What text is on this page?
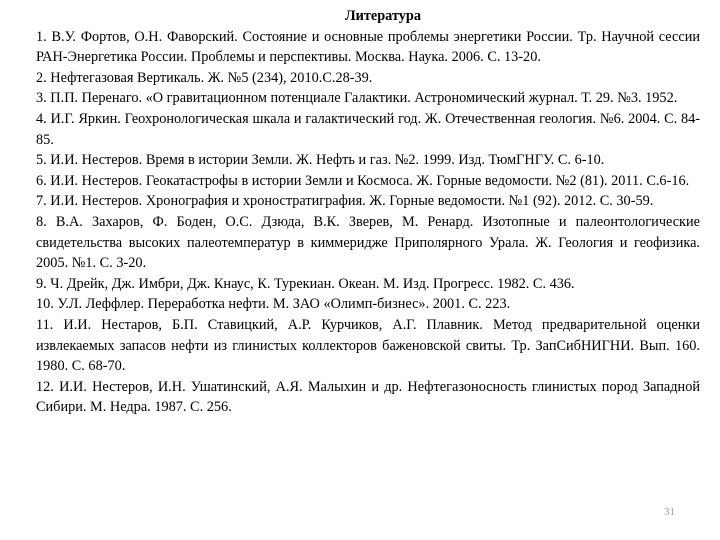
Литература

1. В.У. Фортов, О.Н. Фаворский. Состояние и основные проблемы энергетики России. Тр. Научной сессии РАН-Энергетика России. Проблемы и перспективы. Москва. Наука. 2006. С. 13-20.
2. Нефтегазовая Вертикаль. Ж. №5 (234), 2010.С.28-39.
3. П.П. Перенаго. «О гравитационном потенциале Галактики. Астрономический журнал. Т. 29. №3. 1952.
4. И.Г. Яркин. Геохронологическая шкала и галактический год. Ж. Отечественная геология. №6. 2004. С. 84-85.
5. И.И. Нестеров. Время в истории Земли. Ж. Нефть и газ. №2. 1999. Изд. ТюмГНГУ. С. 6-10.
6. И.И. Нестеров. Геокатастрофы в истории Земли и Космоса. Ж. Горные ведомости. №2 (81). 2011. С.6-16.
7. И.И. Нестеров. Хронография и хроностратиграфия. Ж. Горные ведомости. №1 (92). 2012. С. 30-59.
8. В.А. Захаров, Ф. Боден, О.С. Дзюда, В.К. Зверев, М. Ренард. Изотопные и палеонтологические свидетельства высоких палеотемператур в киммеридже Приполярного Урала. Ж. Геология и геофизика. 2005. №1. С. 3-20.
9. Ч. Дрейк, Дж. Имбри, Дж. Кнаус, К. Турекиан. Океан. М. Изд. Прогресс. 1982. С. 436.
10. У.Л. Леффлер. Переработка нефти. М. ЗАО «Олимп-бизнес». 2001. С. 223.
11. И.И. Нестаров, Б.П. Ставицкий, А.Р. Курчиков, А.Г. Плавник. Метод предварительной оценки извлекаемых запасов нефти из глинистых коллекторов баженовской свиты. Тр. ЗапСибНИГНИ. Вып. 160. 1980. С. 68-70.
12. И.И. Нестеров, И.Н. Ушатинский, А.Я. Малыхин и др. Нефтегазоносность глинистых пород Западной Сибири. М. Недра. 1987. С. 256.
31
